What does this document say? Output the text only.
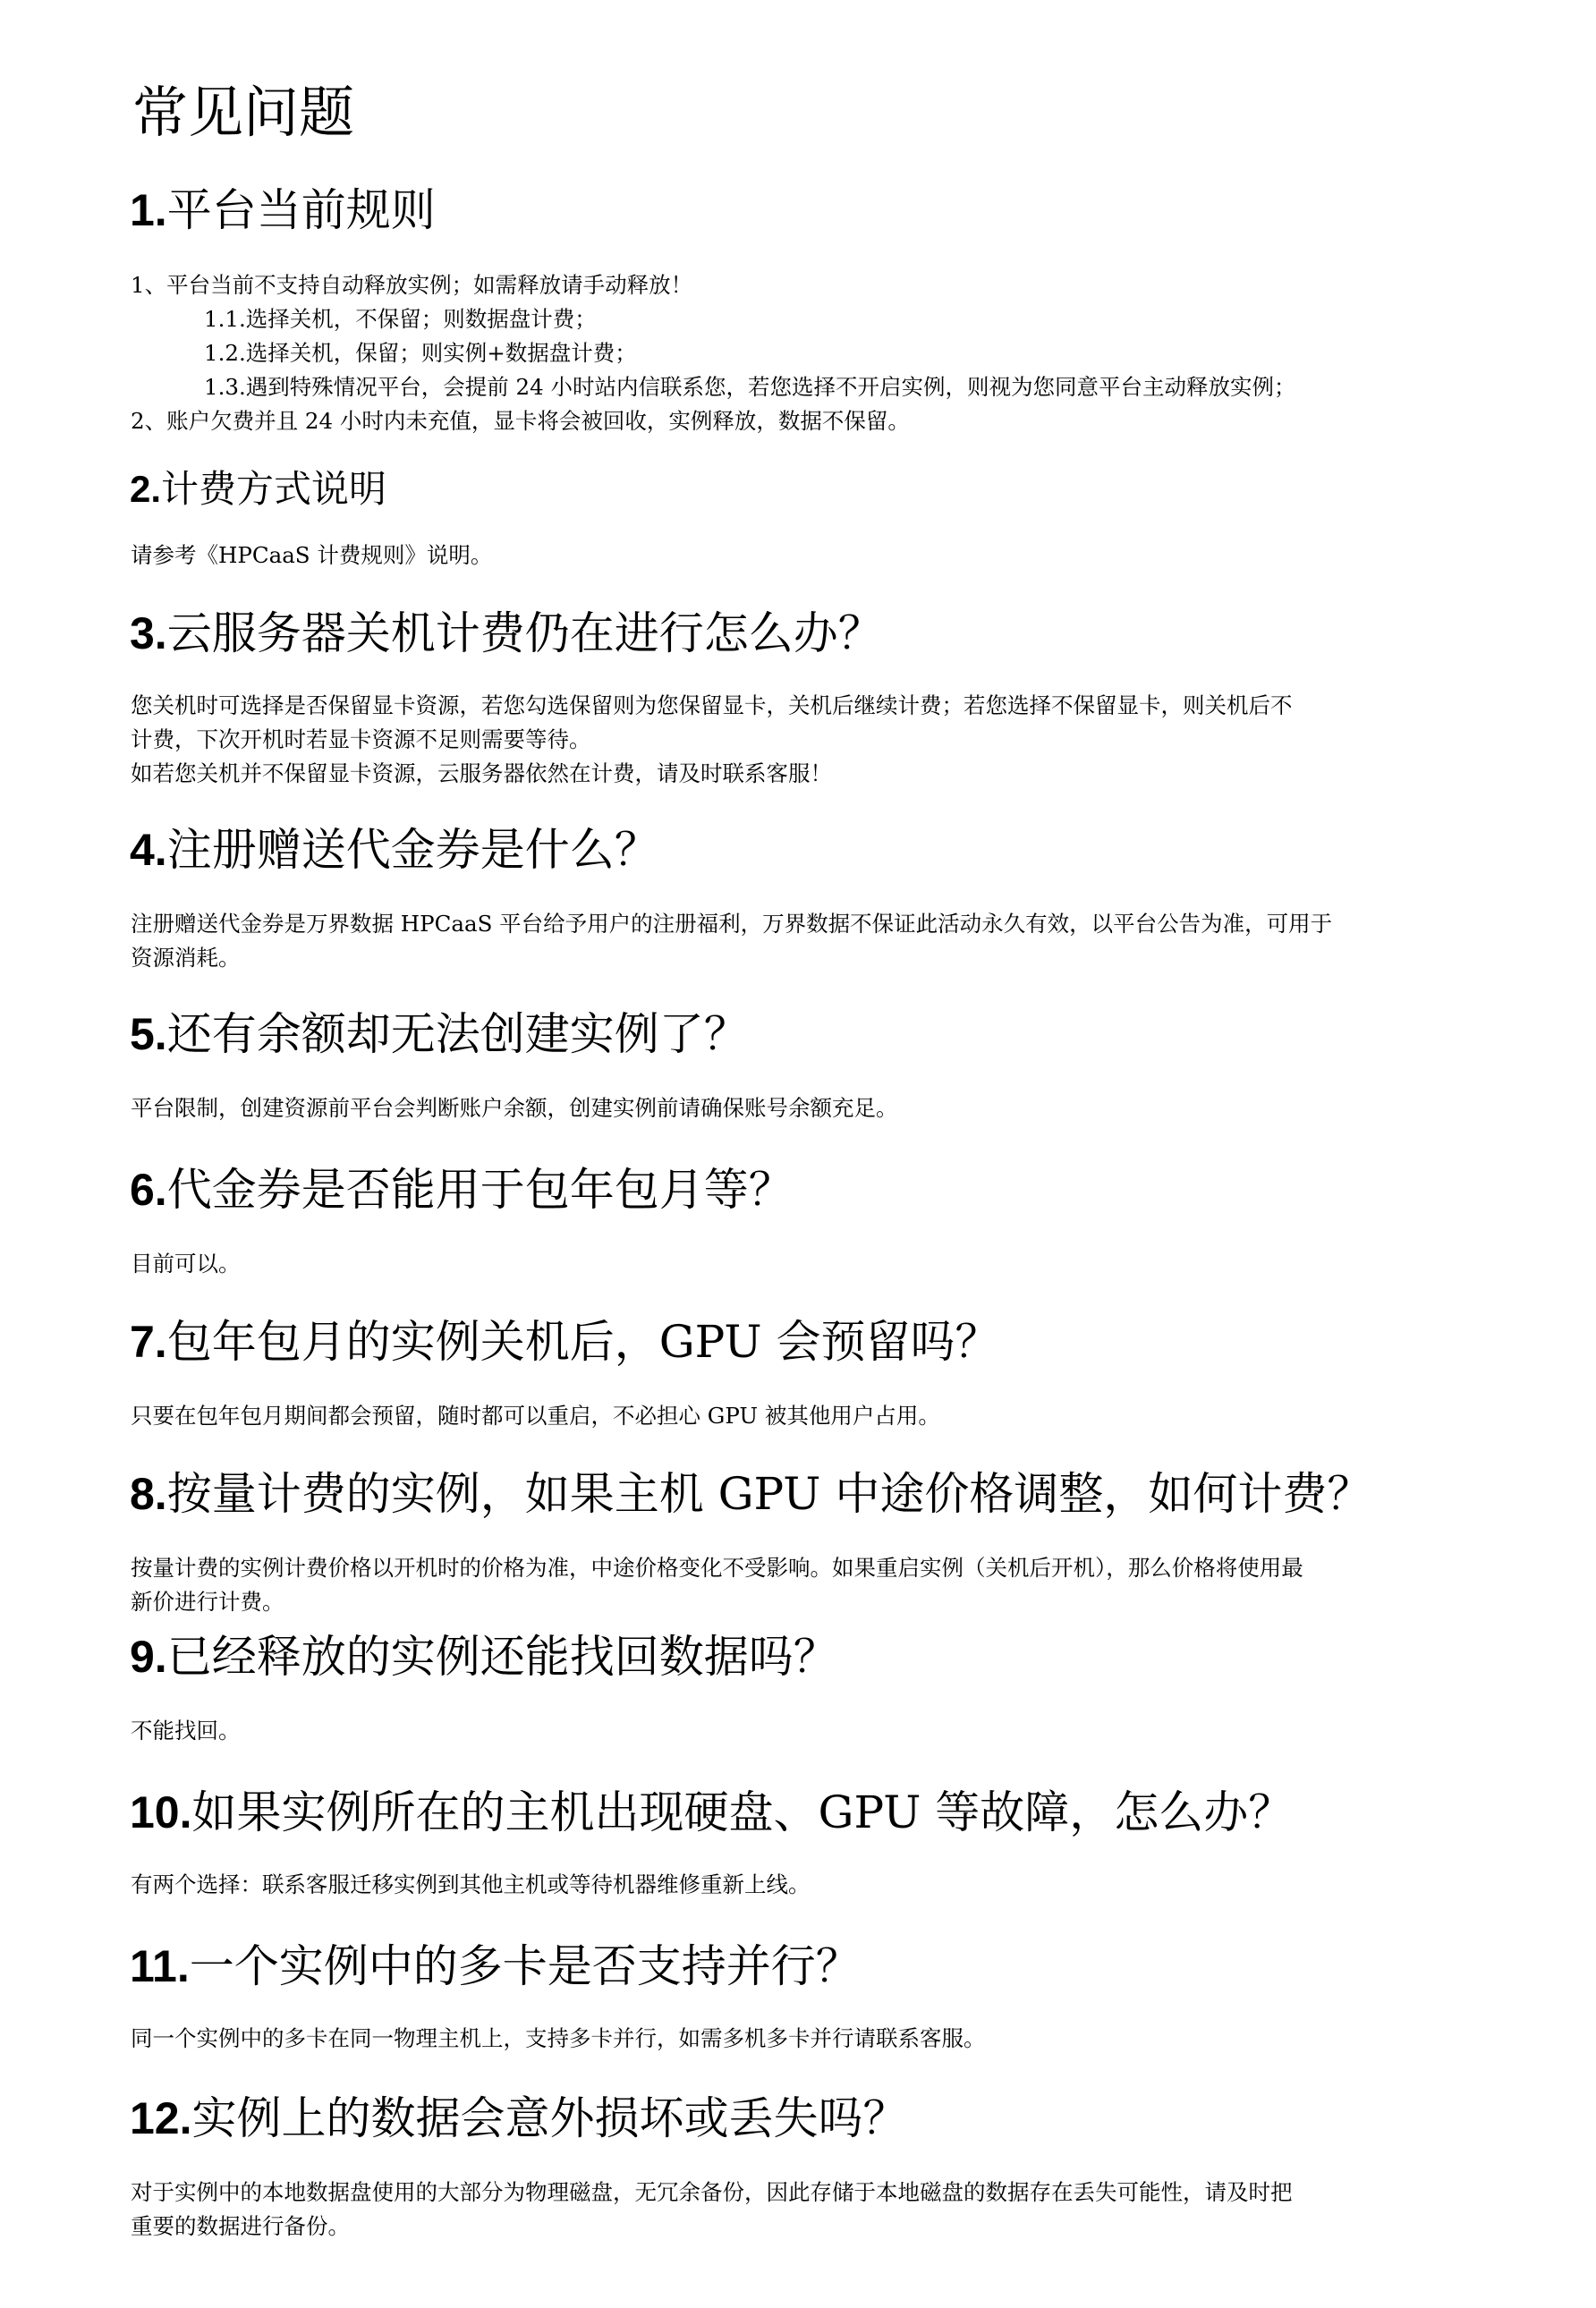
常见问题
1.平台当前规则
1、平台当前不支持自动释放实例；如需释放请手动释放！
1.1.选择关机，不保留；则数据盘计费；
1.2.选择关机，保留；则实例+数据盘计费；
1.3.遇到特殊情况平台，会提前 24 小时站内信联系您，若您选择不开启实例，则视为您同意平台主动释放实例；
2、账户欠费并且 24 小时内未充值，显卡将会被回收，实例释放，数据不保留。
2.计费方式说明
请参考《HPCaaS 计费规则》说明。
3.云服务器关机计费仍在进行怎么办？
您关机时可选择是否保留显卡资源，若您勾选保留则为您保留显卡，关机后继续计费；若您选择不保留显卡，则关机后不
计费，下次开机时若显卡资源不足则需要等待。
如若您关机并不保留显卡资源，云服务器依然在计费，请及时联系客服！
4.注册赠送代金券是什么？
注册赠送代金券是万界数据 HPCaaS 平台给予用户的注册福利，万界数据不保证此活动永久有效，以平台公告为准，可用于
资源消耗。
5.还有余额却无法创建实例了？
平台限制，创建资源前平台会判断账户余额，创建实例前请确保账号余额充足。
6.代金券是否能用于包年包月等？
目前可以。
7.包年包月的实例关机后，GPU 会预留吗？
只要在包年包月期间都会预留，随时都可以重启，不必担心 GPU 被其他用户占用。
8.按量计费的实例，如果主机 GPU 中途价格调整，如何计费？
按量计费的实例计费价格以开机时的价格为准，中途价格变化不受影响。如果重启实例（关机后开机），那么价格将使用最
新价进行计费。
9.已经释放的实例还能找回数据吗？
不能找回。
10.如果实例所在的主机出现硬盘、GPU 等故障，怎么办？
有两个选择：联系客服迁移实例到其他主机或等待机器维修重新上线。
11.一个实例中的多卡是否支持并行？
同一个实例中的多卡在同一物理主机上，支持多卡并行，如需多机多卡并行请联系客服。
12.实例上的数据会意外损坏或丢失吗？
对于实例中的本地数据盘使用的大部分为物理磁盘，无冗余备份，因此存储于本地磁盘的数据存在丢失可能性，请及时把
重要的数据进行备份。
